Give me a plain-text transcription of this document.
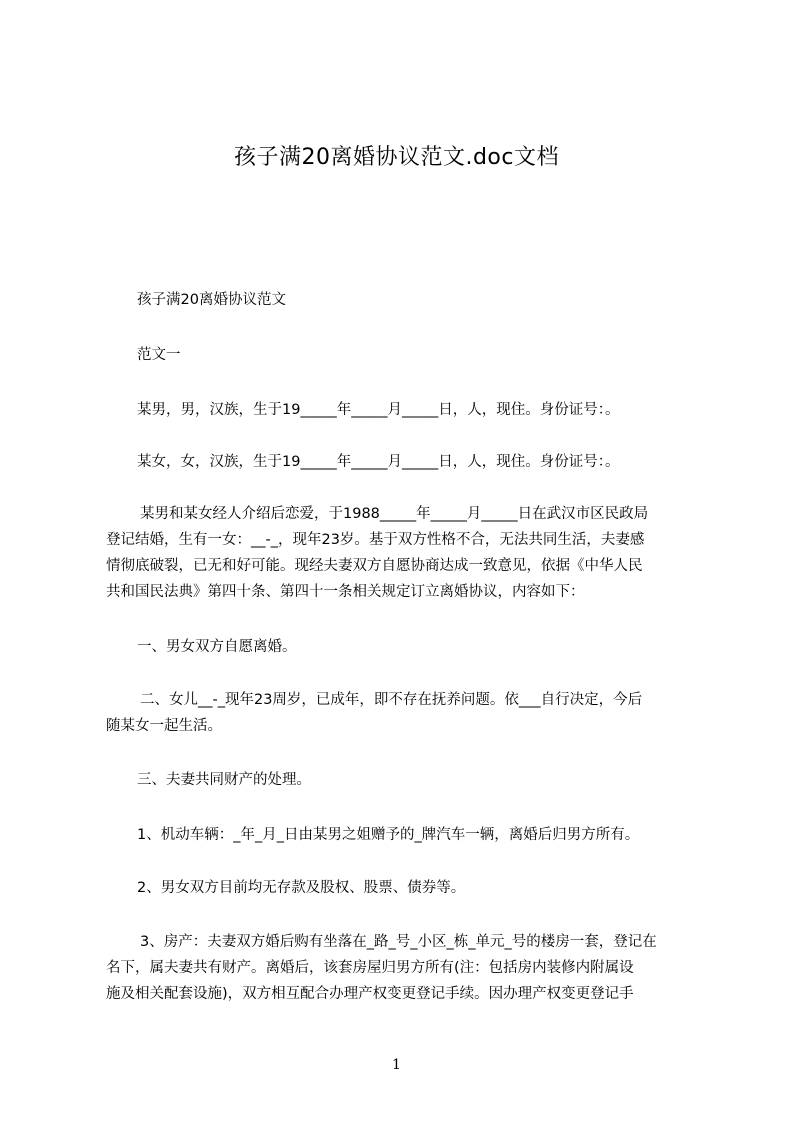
孩子满20离婚协议范文.doc文档
孩子满20离婚协议范文
范文一
某男，男，汉族，生于19_____年_____月_____日，人，现住。身份证号：。
某女，女，汉族，生于19_____年_____月_____日，人，现住。身份证号：。
某男和某女经人介绍后恋爱，于1988_____年_____月_____日在武汉市区民政局
登记结婚，生有一女：__-_，现年23岁。基于双方性格不合，无法共同生活，夫妻感
情彻底破裂，已无和好可能。现经夫妻双方自愿协商达成一致意见，依据《中华人民
共和国民法典》第四十条、第四十一条相关规定订立离婚协议，内容如下：
一、男女双方自愿离婚。
二、女儿__-_现年23周岁，已成年，即不存在抚养问题。依___自行决定，今后
随某女一起生活。
三、夫妻共同财产的处理。
1、机动车辆：_年_月_日由某男之姐赠予的_牌汽车一辆，离婚后归男方所有。
2、男女双方目前均无存款及股权、股票、债券等。
3、房产：夫妻双方婚后购有坐落在_路_号_小区_栋_单元_号的楼房一套，登记在
名下，属夫妻共有财产。离婚后，该套房屋归男方所有(注：包括房内装修内附属设
施及相关配套设施)，双方相互配合办理产权变更登记手续。因办理产权变更登记手
1
